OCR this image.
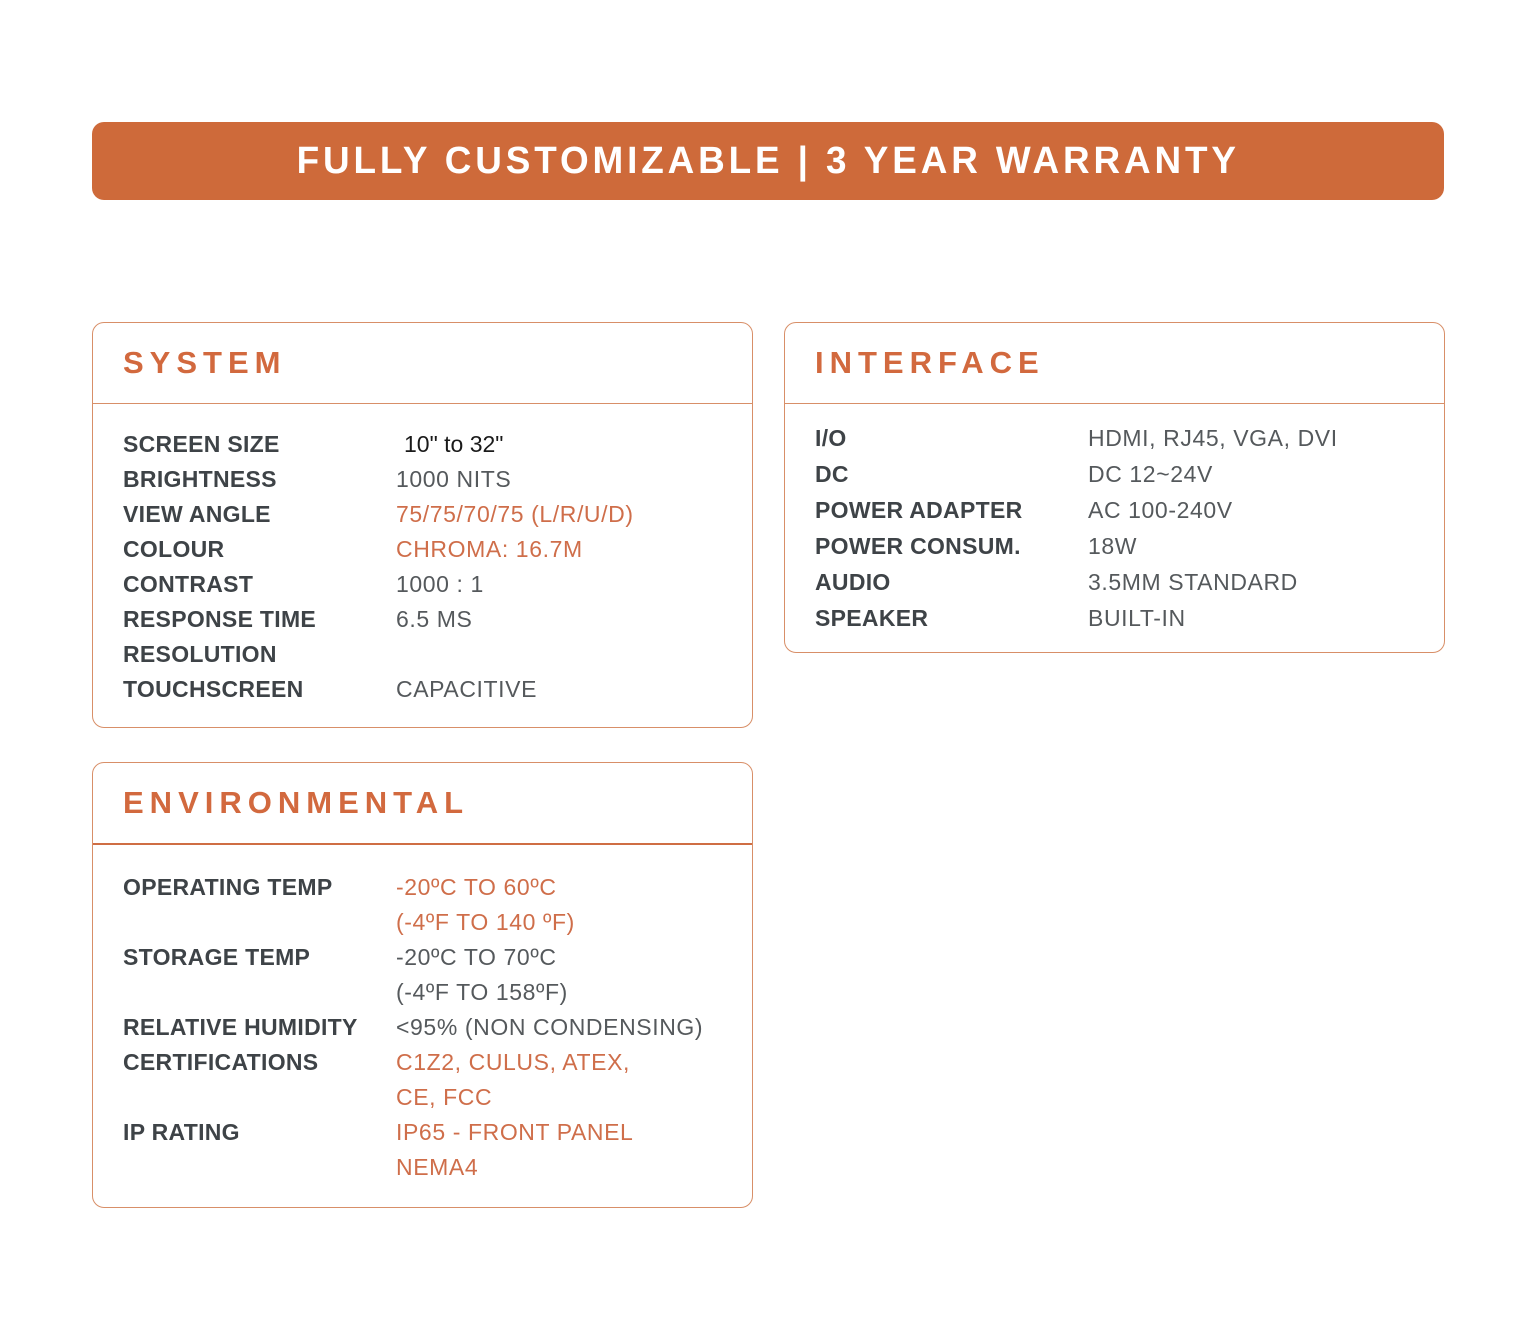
FULLY CUSTOMIZABLE | 3 YEAR WARRANTY
SYSTEM
SCREEN SIZE	10" to 32"
BRIGHTNESS	1000 NITS
VIEW ANGLE	75/75/70/75 (L/R/U/D)
COLOUR	CHROMA: 16.7M
CONTRAST	1000 : 1
RESPONSE TIME	6.5 MS
RESOLUTION
TOUCHSCREEN	CAPACITIVE
INTERFACE
I/O	HDMI, RJ45, VGA, DVI
DC	DC 12~24V
POWER ADAPTER	AC 100-240V
POWER CONSUM.	18W
AUDIO	3.5MM STANDARD
SPEAKER	BUILT-IN
ENVIRONMENTAL
OPERATING TEMP	-20ºC TO 60ºC
(-4ºF TO 140 ºF)
STORAGE TEMP	-20ºC TO 70ºC
(-4ºF TO 158ºF)
RELATIVE HUMIDITY	<95% (NON CONDENSING)
CERTIFICATIONS	C1Z2, CULUS, ATEX,
CE, FCC
IP RATING	IP65 - FRONT PANEL
NEMA4
